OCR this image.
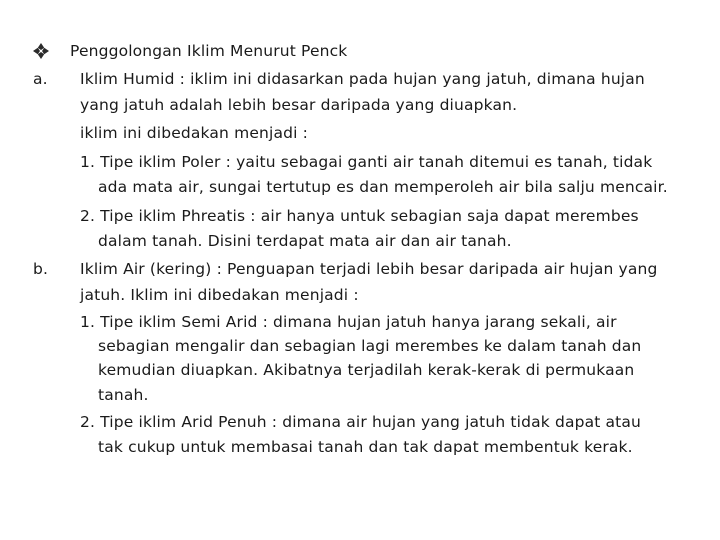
Penggolongan Iklim Menurut Penck
a. Iklim Humid : iklim ini didasarkan pada hujan yang jatuh, dimana hujan
yang jatuh adalah lebih besar daripada yang diuapkan.
iklim ini dibedakan menjadi :
1. Tipe iklim Poler : yaitu sebagai ganti air tanah ditemui es tanah, tidak
ada mata air, sungai tertutup es dan memperoleh air bila salju mencair.
2. Tipe iklim Phreatis : air hanya untuk sebagian saja dapat merembes
dalam tanah. Disini terdapat mata air dan air tanah.
b. Iklim Air (kering) : Penguapan terjadi lebih besar daripada air hujan yang
jatuh. Iklim ini dibedakan menjadi :
1. Tipe iklim Semi Arid : dimana hujan jatuh hanya jarang sekali, air
sebagian mengalir dan sebagian lagi merembes ke dalam tanah dan
kemudian diuapkan. Akibatnya terjadilah kerak-kerak di permukaan
tanah.
2. Tipe iklim Arid Penuh : dimana air hujan yang jatuh tidak dapat atau
tak cukup untuk membasai tanah dan tak dapat membentuk kerak.
